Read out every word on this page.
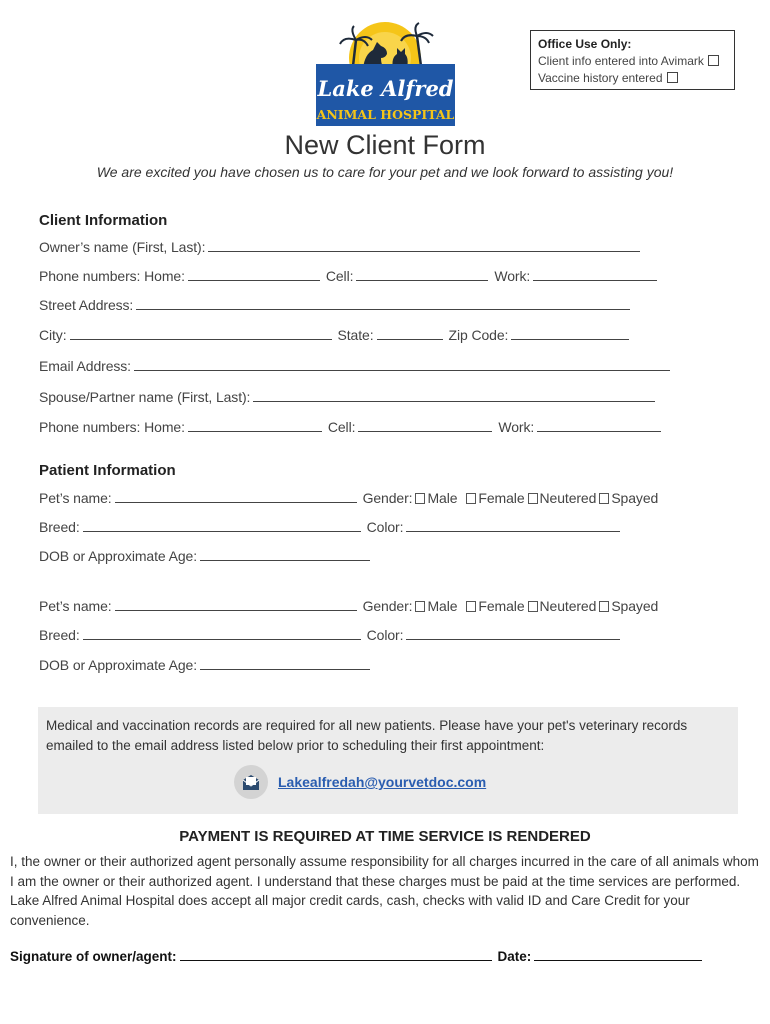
Office Use Only:
Client info entered into Avimark
Vaccine history entered
Lake Alfred
ANIMAL HOSPITAL
New Client Form
We are excited you have chosen us to care for your pet and we look forward to assisting you!
Client Information
Owner’s name (First, Last):
Phone numbers: Home:	Cell:	Work:
Street Address:
City:	State:	Zip Code:
Email Address:
Spouse/Partner name (First, Last):
Phone numbers: Home:	Cell:	Work:
Patient Information
Pet’s name:	Gender: Male Female Neutered Spayed
Breed:	Color:
DOB or Approximate Age:
Pet’s name:	Gender: Male Female Neutered Spayed
Breed:	Color:
DOB or Approximate Age:
Medical and vaccination records are required for all new patients. Please have your pet's veterinary records emailed to the email address listed below prior to scheduling their first appointment:
Lakealfredah@yourvetdoc.com
PAYMENT IS REQUIRED AT TIME SERVICE IS RENDERED
I, the owner or their authorized agent personally assume responsibility for all charges incurred in the care of all animals whom I am the owner or their authorized agent. I understand that these charges must be paid at the time services are performed.
Lake Alfred Animal Hospital does accept all major credit cards, cash, checks with valid ID and Care Credit for your convenience.
Signature of owner/agent:	Date:
